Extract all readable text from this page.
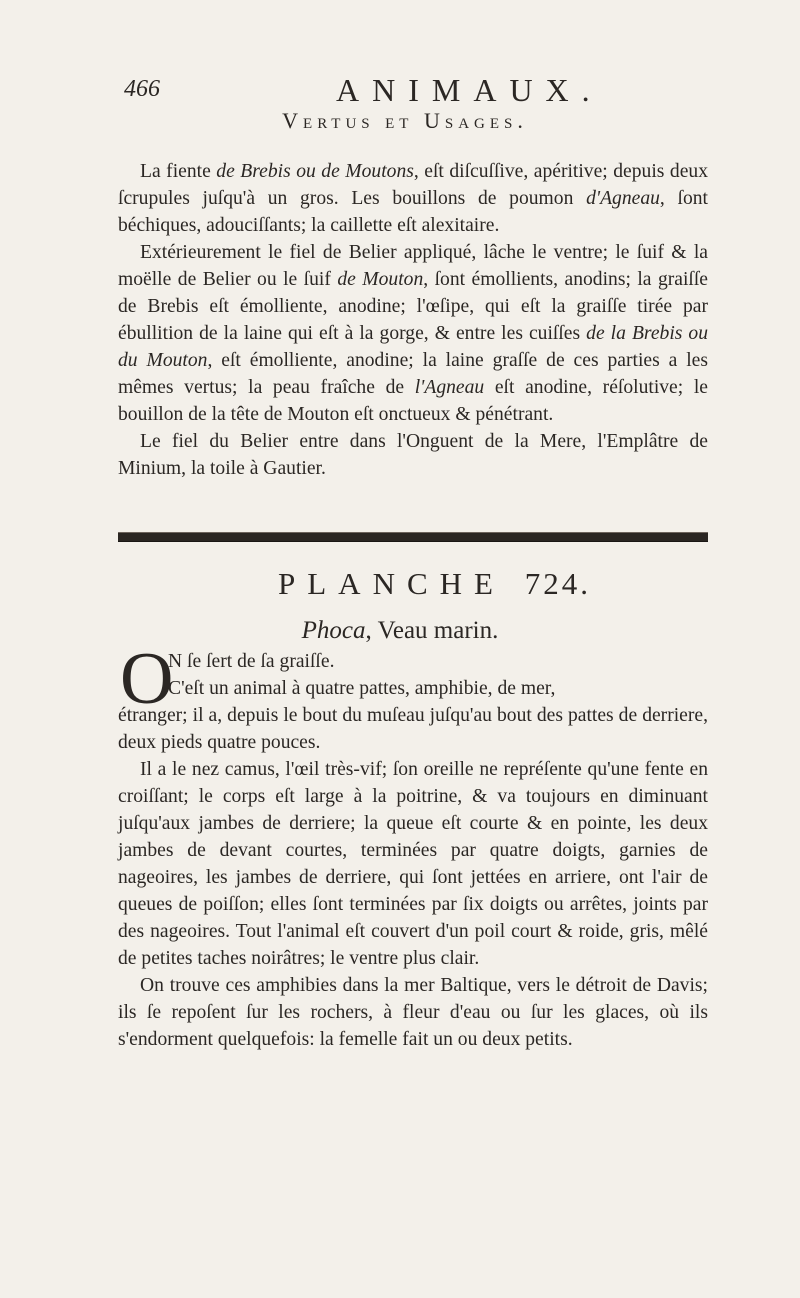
466	ANIMAUX.
Vertus et Usages.

La fiente de Brebis ou de Moutons, eſt diſcuſſive, apéritive; depuis deux ſcrupules juſqu'à un gros. Les bouillons de poumon d'Agneau, ſont béchiques, adouciſſants; la caillette eſt alexitaire.

Extérieurement le fiel de Belier appliqué, lâche le ventre; le ſuif & la moëlle de Belier ou le ſuif de Mouton, ſont émollients, anodins; la graiſſe de Brebis eſt émolliente, anodine; l'œſipe, qui eſt la graiſſe tirée par ébullition de la laine qui eſt à la gorge, & entre les cuiſſes de la Brebis ou du Mouton, eſt émolliente, anodine; la laine graſſe de ces parties a les mêmes vertus; la peau fraîche de l'Agneau eſt anodine, réſolutive; le bouillon de la tête de Mouton eſt onctueux & pénétrant.

Le fiel du Belier entre dans l'Onguent de la Mere, l'Emplâtre de Minium, la toile à Gautier.

PLANCHE 724.
Phoca, Veau marin.
O

N ſe ſert de ſa graiſſe.
C'eſt un animal à quatre pattes, amphibie, de mer,
étranger; il a, depuis le bout du muſeau juſqu'au bout des pattes de derriere, deux pieds quatre pouces.

Il a le nez camus, l'œil très-vif; ſon oreille ne repréſente qu'une fente en croiſſant; le corps eſt large à la poitrine, & va toujours en diminuant juſqu'aux jambes de derriere; la queue eſt courte & en pointe, les deux jambes de devant courtes, terminées par quatre doigts, garnies de nageoires, les jambes de derriere, qui ſont jettées en arriere, ont l'air de queues de poiſſon; elles ſont terminées par ſix doigts ou arrêtes, joints par des nageoires. Tout l'animal eſt couvert d'un poil court & roide, gris, mêlé de petites taches noirâtres; le ventre plus clair.

On trouve ces amphibies dans la mer Baltique, vers le détroit de Davis; ils ſe repoſent ſur les rochers, à fleur d'eau ou ſur les glaces, où ils s'endorment quelquefois: la femelle fait un ou deux petits.
